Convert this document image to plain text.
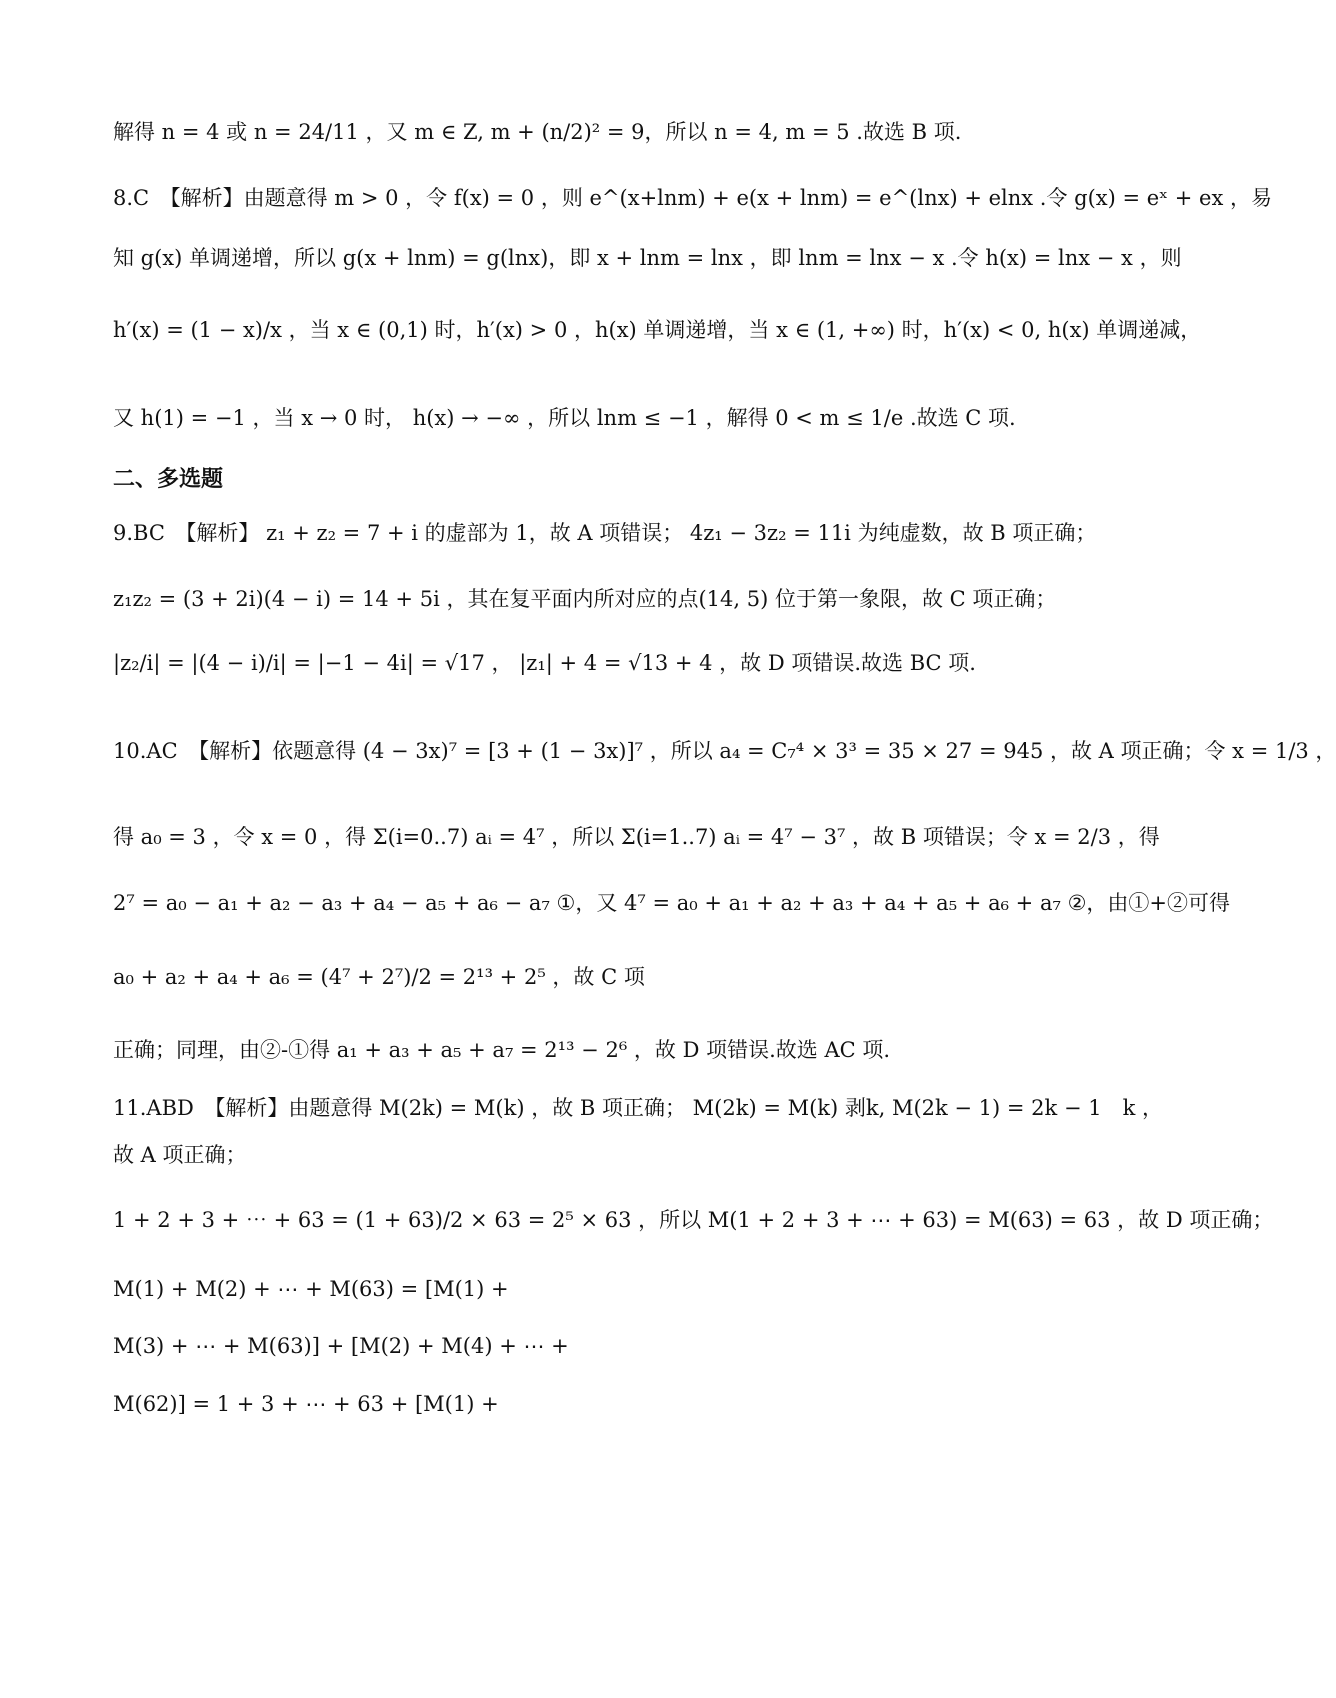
解得 n = 4 或 n = 24/11 ，又 m ∈ Z, m + (n/2)² = 9，所以 n = 4, m = 5 .故选 B 项.
8.C　【解析】由题意得 m > 0 ，令 f(x) = 0 ，则 e^(x+lnm) + e(x + lnm) = e^(lnx) + elnx .令 g(x) = eˣ + ex ，易
知 g(x) 单调递增，所以 g(x + lnm) = g(lnx)，即 x + lnm = lnx ，即 lnm = lnx − x .令 h(x) = lnx − x ，则
h′(x) = (1 − x)/x ，当 x ∈ (0,1) 时，h′(x) > 0 ，h(x) 单调递增，当 x ∈ (1, +∞) 时，h′(x) < 0, h(x) 单调递减，
又 h(1) = −1 ，当 x → 0 时， h(x) → −∞ ，所以 lnm ≤ −1 ，解得 0 < m ≤ 1/e .故选 C 项.
二、多选题
9.BC　【解析】 z₁ + z₂ = 7 + i 的虚部为 1，故 A 项错误； 4z₁ − 3z₂ = 11i 为纯虚数，故 B 项正确；
z₁z₂ = (3 + 2i)(4 − i) = 14 + 5i ，其在复平面内所对应的点(14, 5) 位于第一象限，故 C 项正确；
|z₂/i| = |(4 − i)/i| = |−1 − 4i| = √17 ， |z₁| + 4 = √13 + 4 ，故 D 项错误.故选 BC 项.
10.AC　【解析】依题意得 (4 − 3x)⁷ = [3 + (1 − 3x)]⁷ ，所以 a₄ = C₇⁴ × 3³ = 35 × 27 = 945 ，故 A 项正确；令 x = 1/3 ，
得 a₀ = 3 ，令 x = 0 ，得 Σ(i=0..7) aᵢ = 4⁷ ，所以 Σ(i=1..7) aᵢ = 4⁷ − 3⁷ ，故 B 项错误；令 x = 2/3 ，得
2⁷ = a₀ − a₁ + a₂ − a₃ + a₄ − a₅ + a₆ − a₇ ①，又 4⁷ = a₀ + a₁ + a₂ + a₃ + a₄ + a₅ + a₆ + a₇ ②，由①+②可得
a₀ + a₂ + a₄ + a₆ = (4⁷ + 2⁷)/2 = 2¹³ + 2⁵ ，故 C 项
正确；同理，由②-①得 a₁ + a₃ + a₅ + a₇ = 2¹³ − 2⁶ ，故 D 项错误.故选 AC 项.
11.ABD　【解析】由题意得 M(2k) = M(k) ，故 B 项正确； M(2k) = M(k) 剥k, M(2k − 1) = 2k − 1　k ，
故 A 项正确；
1 + 2 + 3 + ⋯ + 63 = (1 + 63)/2 × 63 = 2⁵ × 63 ，所以 M(1 + 2 + 3 + ⋯ + 63) = M(63) = 63 ，故 D 项正确；
M(1) + M(2) + ⋯ + M(63) = [M(1) +
M(3) + ⋯ + M(63)] + [M(2) + M(4) + ⋯ +
M(62)] = 1 + 3 + ⋯ + 63 + [M(1) +
